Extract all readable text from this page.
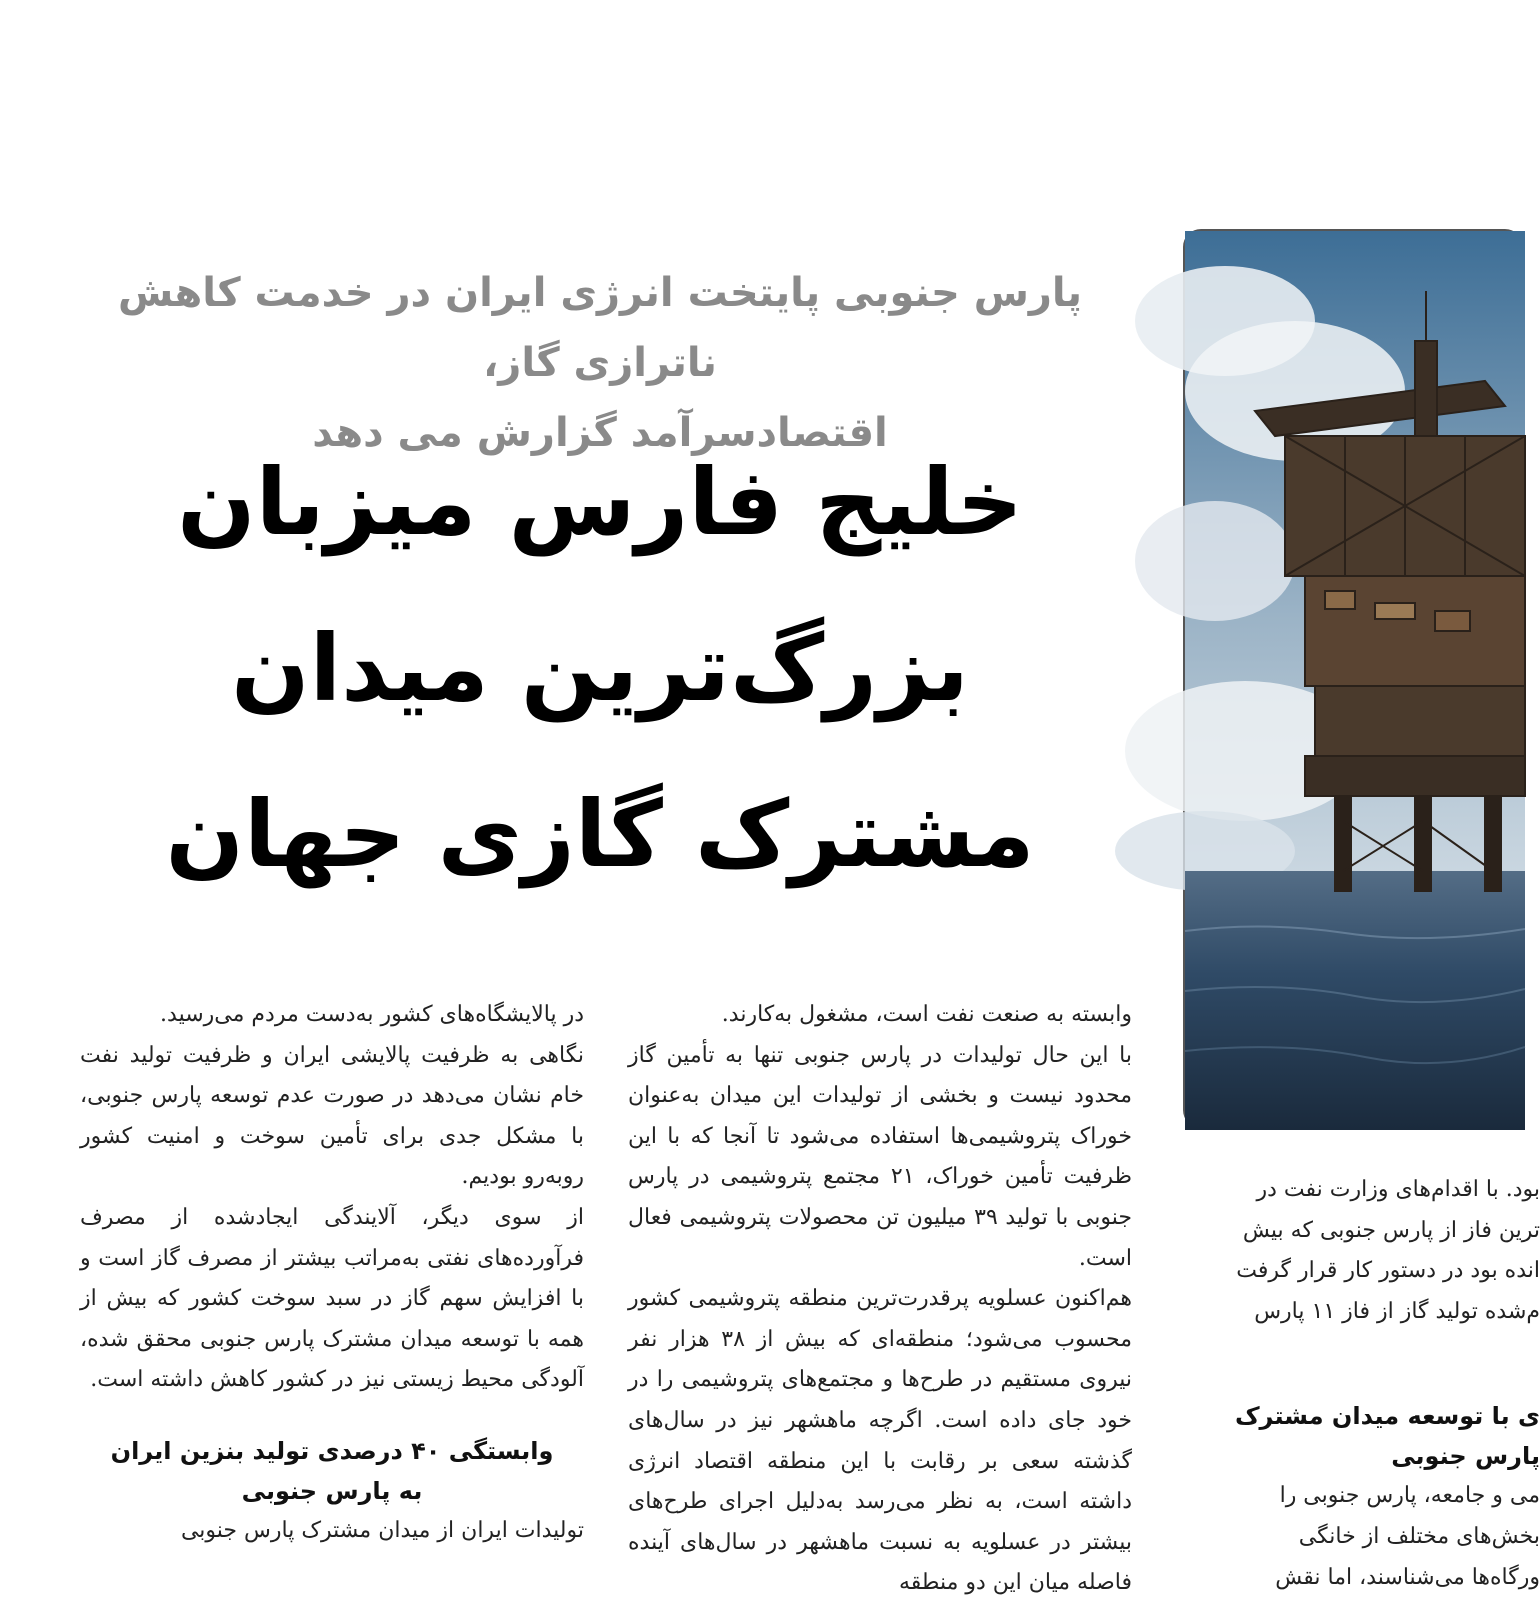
پارس جنوبی پایتخت انرژی ایران در خدمت کاهش ناترازی گاز،
اقتصادسرآمد گزارش می دهد
خلیج فارس میزبان
بزرگ‌ترین میدان
مشترک گازی جهان

وابسته به صنعت نفت است، مشغول به‌کارند.

با این حال تولیدات در پارس جنوبی تنها به تأمین گاز محدود نیست و بخشی از تولیدات این میدان به‌عنوان خوراک پتروشیمی‌ها استفاده می‌شود تا آنجا که با این ظرفیت تأمین خوراک، ۲۱ مجتمع پتروشیمی در پارس جنوبی با تولید ۳۹ میلیون تن محصولات پتروشیمی فعال است.

هم‌اکنون عسلویه پرقدرت‌ترین منطقه پتروشیمی کشور محسوب می‌شود؛ منطقه‌ای که بیش از ۳۸ هزار نفر نیروی مستقیم در طرح‌ها و مجتمع‌های پتروشیمی را در خود جای داده است. اگرچه ماهشهر نیز در سال‌های گذشته سعی بر رقابت با این منطقه اقتصاد انرژی داشته است، به نظر می‌رسد به‌دلیل اجرای طرح‌های بیشتر در عسلویه به نسبت ماهشهر در سال‌های آینده فاصله میان این دو منطقه

در پالایشگاه‌های کشور به‌دست مردم می‌رسید.

نگاهی به ظرفیت پالایشی ایران و ظرفیت تولید نفت خام نشان می‌دهد در صورت عدم توسعه پارس جنوبی، با مشکل جدی برای تأمین سوخت و امنیت کشور روبه‌رو بودیم.

از سوی دیگر، آلایندگی ایجادشده از مصرف فرآورده‌های نفتی به‌مراتب بیشتر از مصرف گاز است و با افزایش سهم گاز در سبد سوخت کشور که بیش از همه با توسعه میدان مشترک پارس جنوبی محقق شده، آلودگی محیط زیستی نیز در کشور کاهش داشته است.

وابستگی ۴۰ درصدی تولید بنزین ایران
به پارس جنوبی

تولیدات ایران از میدان مشترک پارس جنوبی

بود. با اقدام‌های وزارت نفت در

ترین فاز از پارس جنوبی که بیش

انده بود در دستور کار قرار گرفت

م‌شده تولید گاز از فاز ۱۱ پارس

ی با توسعه میدان مشترک
پارس جنوبی

می و جامعه، پارس جنوبی را

بخش‌های مختلف از خانگی

ورگاه‌ها می‌شناسند، اما نقش
